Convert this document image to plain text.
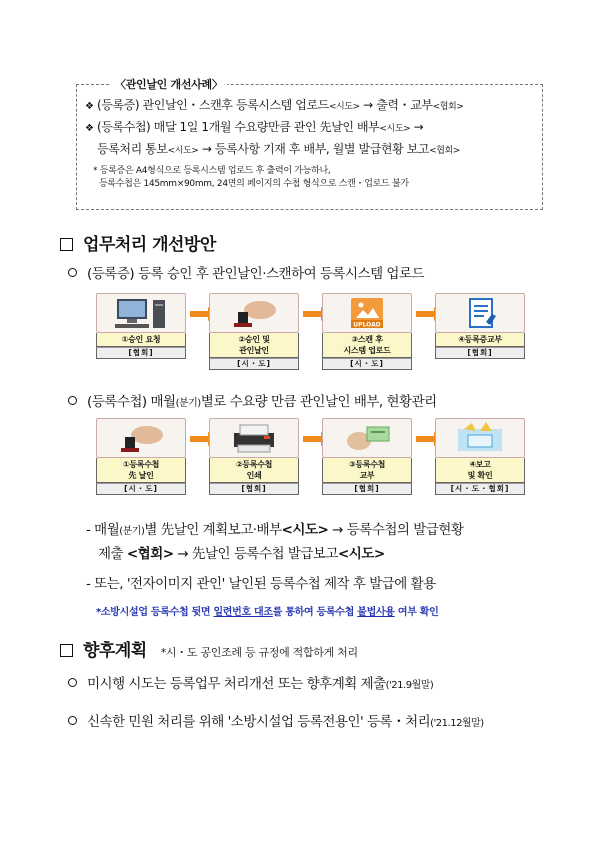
〈관인날인 개선사례〉
❖ (등록증) 관인날인・스캔후 등록시스템 업로드<시도> → 출력・교부<협회>
❖ (등록수첩) 매달 1일 1개월 수요량만큼 관인 先날인 배부<시도> →
등록처리 통보<시도> → 등록사항 기재 후 배부, 월별 발급현황 보고<협회>
* 등록증은 A4형식으로 등록시스템 업로드 후 출력이 가능하나,
등록수첩은 145mm×90mm, 24면의 페이지의 수첩 형식으로 스캔・업로드 불가
업무처리 개선방안
(등록증) 등록 승인 후 관인날인·스캔하여 등록시스템 업로드
①승인 요청
[협회]
②승인 및
관인날인
[시・도]
UPLOAD
③스캔 후
시스템 업로드
[시・도]
④등록증교부
[협회]
(등록수첩) 매월(분기)별로 수요량 만큼 관인날인 배부, 현황관리
①등록수첩
先 날인
[시・도]
②등록수첩
인쇄
[협회]
③등록수첩
교부
[협회]
④보고
및 확인
[시・도・협회]
- 매월(분기)별 先날인 계획보고·배부<시도> → 등록수첩의 발급현황
제출 <협회> → 先날인 등록수첩 발급보고<시도>
- 또는, '전자이미지 관인' 날인된 등록수첩 제작 후 발급에 활용
*소방시설업 등록수첩 뒷면 일련번호 대조를 통하여 등록수첩 불법사용 여부 확인
향후계획 *시・도 공인조례 등 규정에 적합하게 처리
미시행 시도는 등록업무 처리개선 또는 향후계획 제출('21.9월말)
신속한 민원 처리를 위해 '소방시설업 등록전용인' 등록・처리('21.12월말)
